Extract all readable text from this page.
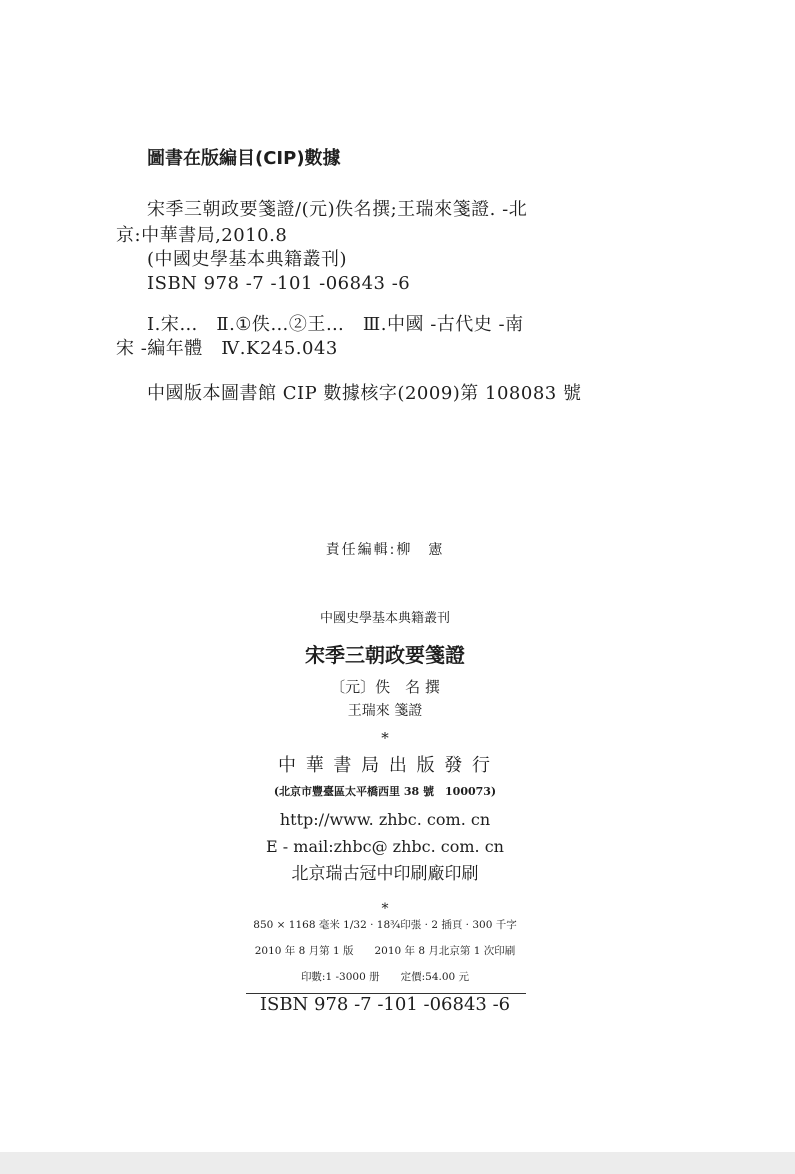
圖書在版編目(CIP)數據
宋季三朝政要箋證/(元)佚名撰;王瑞來箋證. -北
京:中華書局,2010.8
(中國史學基本典籍叢刊)
ISBN 978 -7 -101 -06843 -6
Ⅰ.宋…　Ⅱ.①佚…②王…　Ⅲ.中國 -古代史 -南
宋 -編年體　Ⅳ.K245.043
中國版本圖書館 CIP 數據核字(2009)第 108083 號
責任編輯:柳　憲
中國史學基本典籍叢刊
宋季三朝政要箋證
〔元〕佚　名 撰
王瑞來 箋證
*
中 華 書 局 出 版 發 行
(北京市豐臺區太平橋西里 38 號　100073)
http://www. zhbc. com. cn
E - mail:zhbc@ zhbc. com. cn
北京瑞古冠中印刷廠印刷
*
850 × 1168 毫米 1/32 · 18¾印張 · 2 插頁 · 300 千字
2010 年 8 月第 1 版　　2010 年 8 月北京第 1 次印刷
印數:1 -3000 册　　定價:54.00 元
ISBN 978 -7 -101 -06843 -6
